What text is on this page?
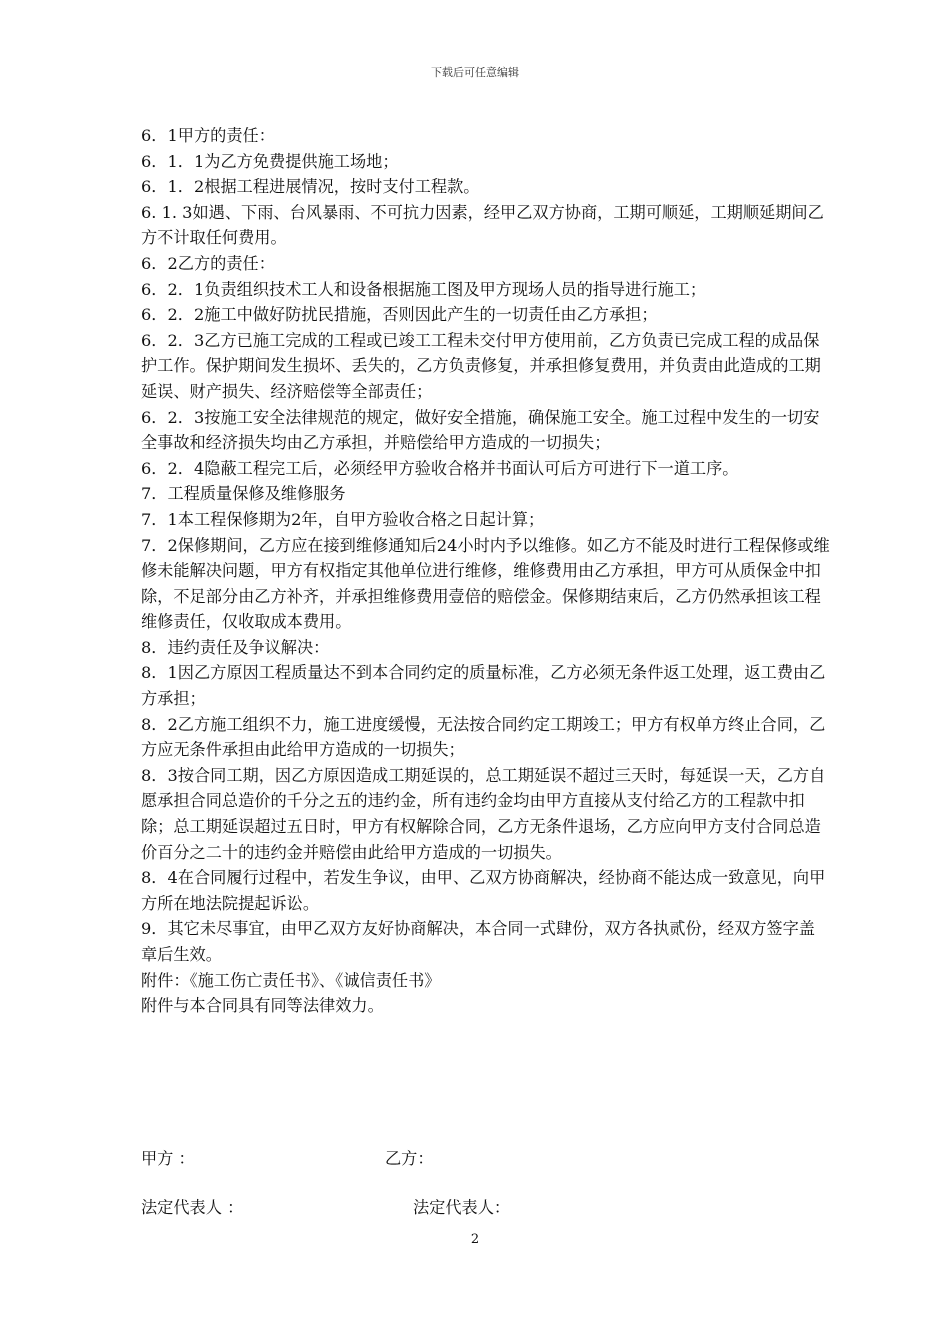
下载后可任意编辑

6．1甲方的责任：

6．1．1为乙方免费提供施工场地；

6．1．2根据工程进展情况，按时支付工程款。

6. 1. 3如遇、下雨、台风暴雨、不可抗力因素，经甲乙双方协商，工期可顺延，工期顺延期间乙方不计取任何费用。

6．2乙方的责任：

6．2．1负责组织技术工人和设备根据施工图及甲方现场人员的指导进行施工；

6．2．2施工中做好防扰民措施，否则因此产生的一切责任由乙方承担；

6．2．3乙方已施工完成的工程或已竣工工程未交付甲方使用前，乙方负责已完成工程的成品保护工作。保护期间发生损坏、丢失的，乙方负责修复，并承担修复费用，并负责由此造成的工期延误、财产损失、经济赔偿等全部责任；

6．2．3按施工安全法律规范的规定，做好安全措施，确保施工安全。施工过程中发生的一切安全事故和经济损失均由乙方承担，并赔偿给甲方造成的一切损失；

6．2．4隐蔽工程完工后，必须经甲方验收合格并书面认可后方可进行下一道工序。

7．工程质量保修及维修服务

7．1本工程保修期为2年，自甲方验收合格之日起计算；

7．2保修期间，乙方应在接到维修通知后24小时内予以维修。如乙方不能及时进行工程保修或维修未能解决问题，甲方有权指定其他单位进行维修，维修费用由乙方承担，甲方可从质保金中扣除，不足部分由乙方补齐，并承担维修费用壹倍的赔偿金。保修期结束后，乙方仍然承担该工程维修责任，仅收取成本费用。

8．违约责任及争议解决：

8．1因乙方原因工程质量达不到本合同约定的质量标准，乙方必须无条件返工处理，返工费由乙方承担；

8．2乙方施工组织不力，施工进度缓慢，无法按合同约定工期竣工；甲方有权单方终止合同，乙方应无条件承担由此给甲方造成的一切损失；

8．3按合同工期，因乙方原因造成工期延误的，总工期延误不超过三天时，每延误一天，乙方自愿承担合同总造价的千分之五的违约金，所有违约金均由甲方直接从支付给乙方的工程款中扣除；总工期延误超过五日时，甲方有权解除合同，乙方无条件退场，乙方应向甲方支付合同总造价百分之二十的违约金并赔偿由此给甲方造成的一切损失。

8．4在合同履行过程中，若发生争议，由甲、乙双方协商解决，经协商不能达成一致意见，向甲方所在地法院提起诉讼。

9．其它未尽事宜，由甲乙双方友好协商解决，本合同一式肆份，双方各执贰份，经双方签字盖章后生效。

附件：《施工伤亡责任书》、《诚信责任书》

附件与本合同具有同等法律效力。

甲方 ：	乙方：
法定代表人 ：	法定代表人：
2
